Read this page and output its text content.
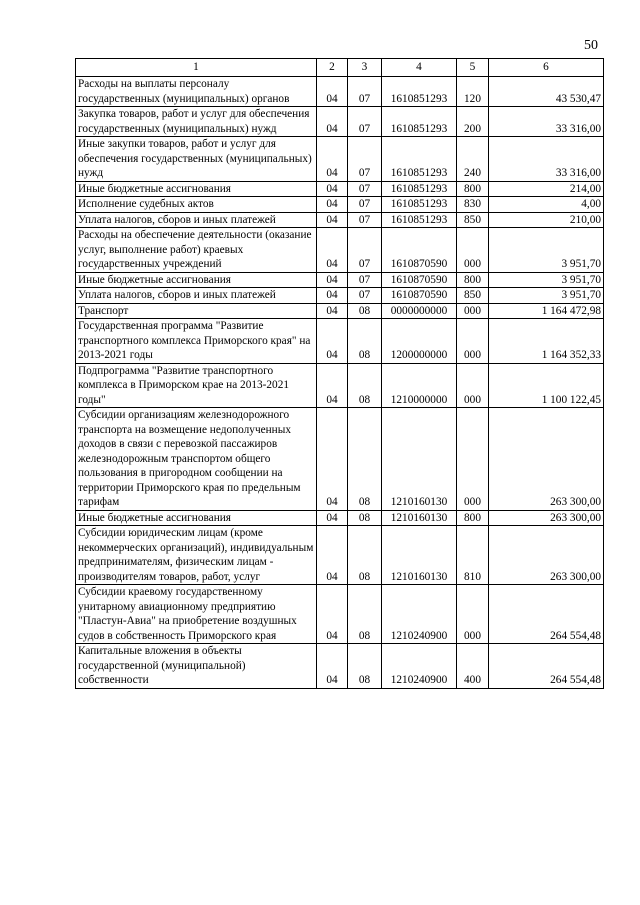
50
1	2	3	4	5	6
Расходы на выплаты персоналу государственных (муниципальных) органов	04	07	1610851293	120	43 530,47
Закупка товаров, работ и услуг для обеспечения государственных (муниципальных) нужд	04	07	1610851293	200	33 316,00
Иные закупки товаров, работ и услуг для обеспечения государственных (муниципальных) нужд	04	07	1610851293	240	33 316,00
Иные бюджетные ассигнования	04	07	1610851293	800	214,00
Исполнение судебных актов	04	07	1610851293	830	4,00
Уплата налогов, сборов и иных платежей	04	07	1610851293	850	210,00
Расходы на обеспечение деятельности (оказание услуг, выполнение работ) краевых государственных учреждений	04	07	1610870590	000	3 951,70
Иные бюджетные ассигнования	04	07	1610870590	800	3 951,70
Уплата налогов, сборов и иных платежей	04	07	1610870590	850	3 951,70
Транспорт	04	08	0000000000	000	1 164 472,98
Государственная программа "Развитие транспортного комплекса Приморского края" на 2013-2021 годы	04	08	1200000000	000	1 164 352,33
Подпрограмма "Развитие транспортного комплекса в Приморском крае на 2013-2021 годы"	04	08	1210000000	000	1 100 122,45
Субсидии организациям железнодорожного транспорта на возмещение недополученных доходов в связи с перевозкой пассажиров железнодорожным транспортом общего пользования в пригородном сообщении на территории Приморского края по предельным тарифам	04	08	1210160130	000	263 300,00
Иные бюджетные ассигнования	04	08	1210160130	800	263 300,00
Субсидии юридическим лицам (кроме некоммерческих организаций), индивидуальным предпринимателям, физическим лицам - производителям товаров, работ, услуг	04	08	1210160130	810	263 300,00
Субсидии краевому государственному унитарному авиационному предприятию "Пластун-Авиа" на приобретение воздушных судов в собственность Приморского края	04	08	1210240900	000	264 554,48
Капитальные вложения в объекты государственной (муниципальной) собственности	04	08	1210240900	400	264 554,48
